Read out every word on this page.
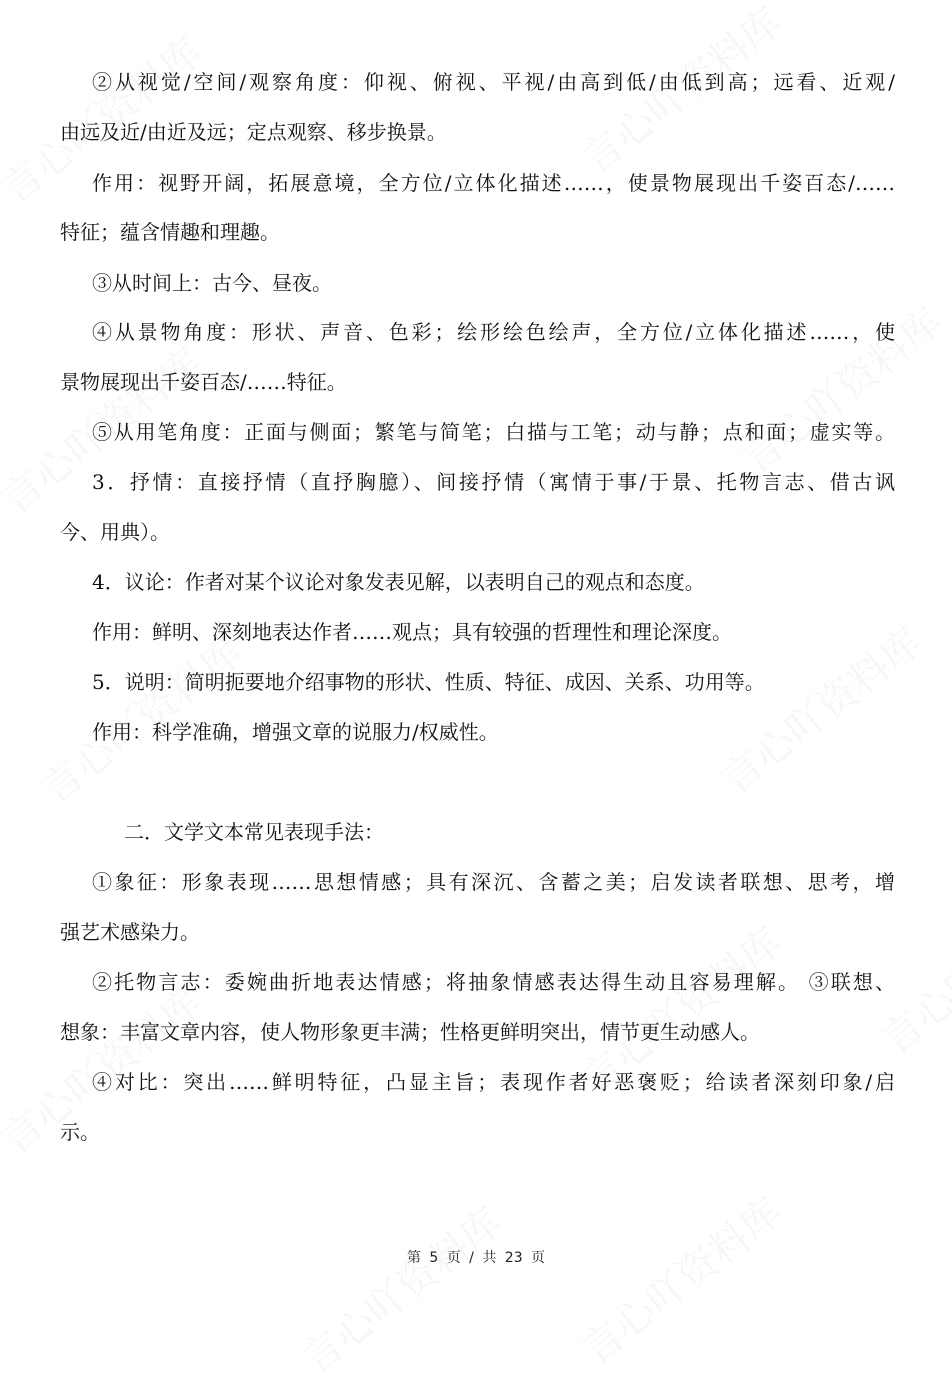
②从视觉/空间/观察角度：仰视、俯视、平视/由高到低/由低到高；远看、近观/
由远及近/由近及远；定点观察、移步换景。
作用：视野开阔，拓展意境，全方位/立体化描述……，使景物展现出千姿百态/……
特征；蕴含情趣和理趣。
③从时间上：古今、昼夜。
④从景物角度：形状、声音、色彩；绘形绘色绘声，全方位/立体化描述……，使
景物展现出千姿百态/……特征。
⑤从用笔角度：正面与侧面；繁笔与简笔；白描与工笔；动与静；点和面；虚实等。
3．抒情：直接抒情（直抒胸臆）、间接抒情（寓情于事/于景、托物言志、借古讽
今、用典）。
4．议论：作者对某个议论对象发表见解，以表明自己的观点和态度。
作用：鲜明、深刻地表达作者……观点；具有较强的哲理性和理论深度。
5．说明：简明扼要地介绍事物的形状、性质、特征、成因、关系、功用等。
作用：科学准确，增强文章的说服力/权威性。
二．文学文本常见表现手法：
①象征：形象表现……思想情感；具有深沉、含蓄之美；启发读者联想、思考，增
强艺术感染力。
②托物言志：委婉曲折地表达情感；将抽象情感表达得生动且容易理解。 ③联想、
想象：丰富文章内容，使人物形象更丰满；性格更鲜明突出，情节更生动感人。
④对比：突出……鲜明特征，凸显主旨；表现作者好恶褒贬；给读者深刻印象/启
示。
第 5 页 / 共 23 页
